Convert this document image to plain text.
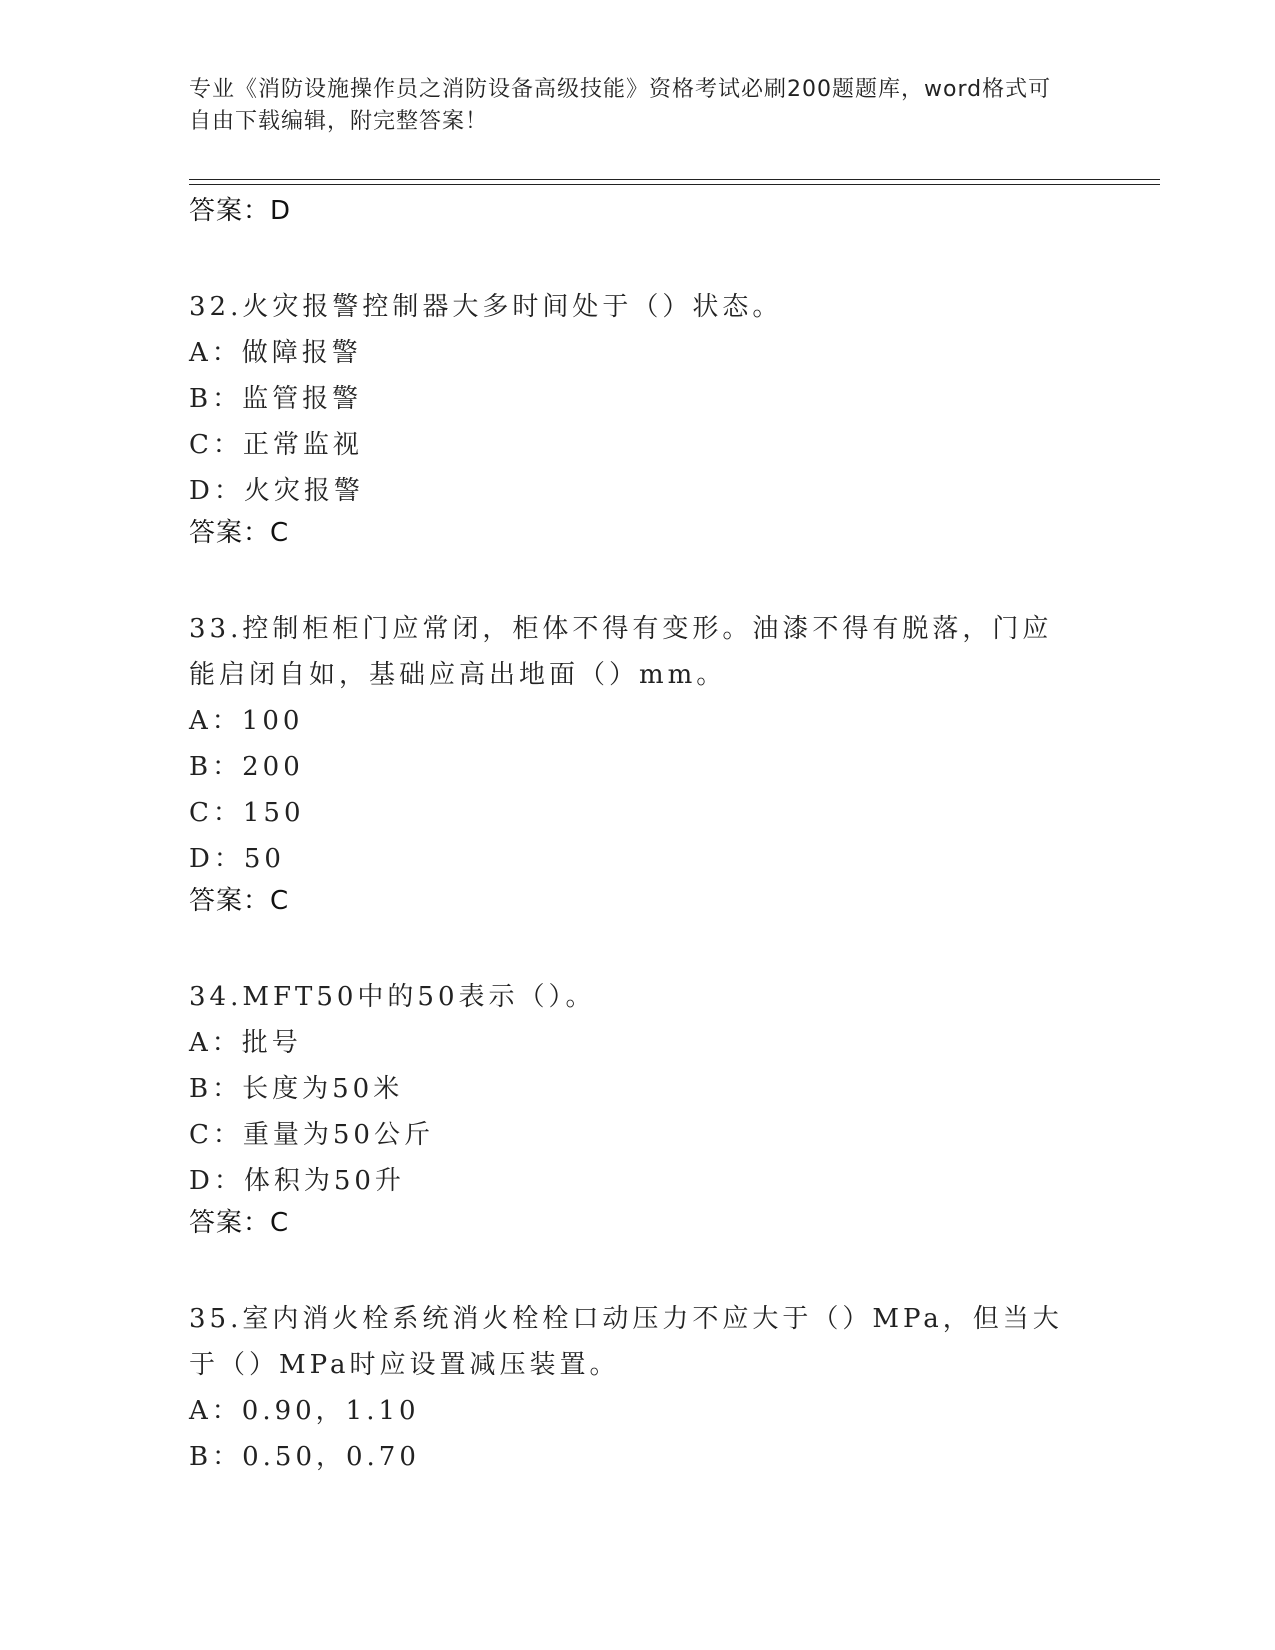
专业《消防设施操作员之消防设备高级技能》资格考试必刷200题题库，word格式可自由下载编辑，附完整答案！
答案：D
32.火灾报警控制器大多时间处于（）状态。
A：做障报警
B：监管报警
C：正常监视
D：火灾报警
答案：C
33.控制柜柜门应常闭，柜体不得有变形。油漆不得有脱落，门应能启闭自如，基础应高出地面（）mm。
A：100
B：200
C：150
D：50
答案：C
34.MFT50中的50表示（）。
A：批号
B：长度为50米
C：重量为50公斤
D：体积为50升
答案：C
35.室内消火栓系统消火栓栓口动压力不应大于（）MPa，但当大于（）MPa时应设置减压装置。
A：0.90，1.10
B：0.50，0.70
